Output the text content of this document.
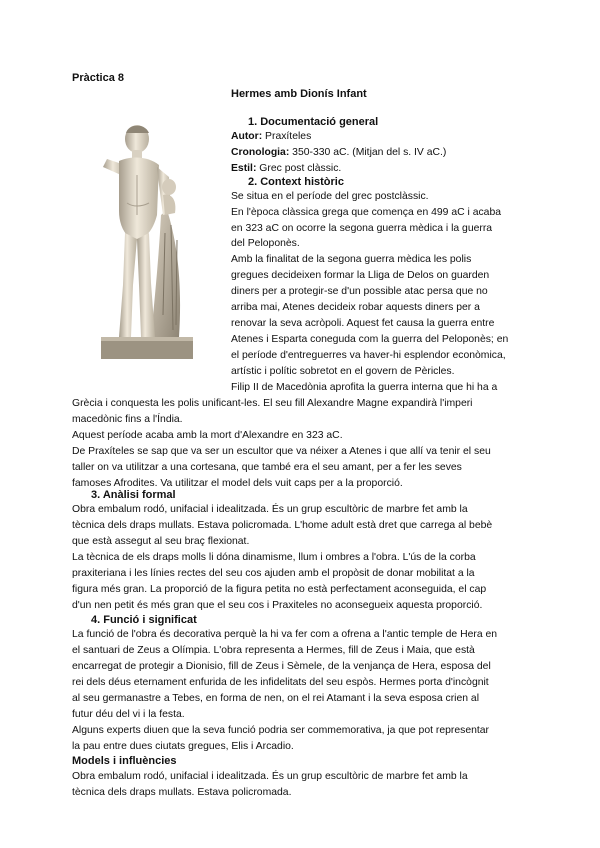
Pràctica 8
Hermes amb Dionís Infant
1. Documentació general
Autor: Praxíteles
Cronologia: 350-330 aC. (Mitjan del s. IV aC.)
Estil: Grec post clàssic.
2. Context històric
Se situa en el període del grec postclàssic.
En l'època clàssica grega que comença en 499 aC i acaba
en 323 aC on ocorre la segona guerra mèdica i la guerra
del Peloponès.
Amb la finalitat de la segona guerra mèdica les polis
gregues decideixen formar la Lliga de Delos on guarden
diners per a protegir-se d'un possible atac persa que no
arriba mai, Atenes decideix robar aquests diners per a
renovar la seva acròpoli. Aquest fet causa la guerra entre
Atenes i Esparta coneguda com la guerra del Peloponès; en
el període d'entreguerres va haver-hi esplendor econòmica,
artístic i polític sobretot en el govern de Pèricles.
Filip II de Macedònia aprofita la guerra interna que hi ha a
Grècia i conquesta les polis unificant-les. El seu fill Alexandre Magne expandirà l'imperi
macedònic fins a l'Índia.
Aquest període acaba amb la mort d'Alexandre en 323 aC.
De Praxíteles se sap que va ser un escultor que va néixer a Atenes i que allí va tenir el seu
taller on va utilitzar a una cortesana, que també era el seu amant, per a fer les seves
famoses Afrodites. Va utilitzar el model dels vuit caps per a la proporció.
3. Anàlisi formal
Obra embalum rodó, unifacial i idealitzada. És un grup escultòric de marbre fet amb la
tècnica dels draps mullats. Estava policromada. L'home adult està dret que carrega al bebè
que està assegut al seu braç flexionat.
La tècnica de els draps molls li dóna dinamisme, llum i ombres a l'obra. L'ús de la corba
praxiteriana i les línies rectes del seu cos ajuden amb el propòsit de donar mobilitat a la
figura més gran. La proporció de la figura petita no està perfectament aconseguida, el cap
d'un nen petit és més gran que el seu cos i Praxiteles no aconsegueix aquesta proporció.
4. Funció i significat
La funció de l'obra és decorativa perquè la hi va fer com a ofrena a l'antic temple de Hera en
el santuari de Zeus a Olímpia. L'obra representa a Hermes, fill de Zeus i Maia, que està
encarregat de protegir a Dionisio, fill de Zeus i Sèmele, de la venjança de Hera, esposa del
rei dels déus eternament enfurida de les infidelitats del seu espòs. Hermes porta d'incògnit
al seu germanastre a Tebes, en forma de nen, on el rei Atamant i la seva esposa crien al
futur déu del vi i la festa.
Alguns experts diuen que la seva funció podria ser commemorativa, ja que pot representar
la pau entre dues ciutats gregues, Elis i Arcadio.
Models i influències
Obra embalum rodó, unifacial i idealitzada. És un grup escultòric de marbre fet amb la
tècnica dels draps mullats. Estava policromada.
